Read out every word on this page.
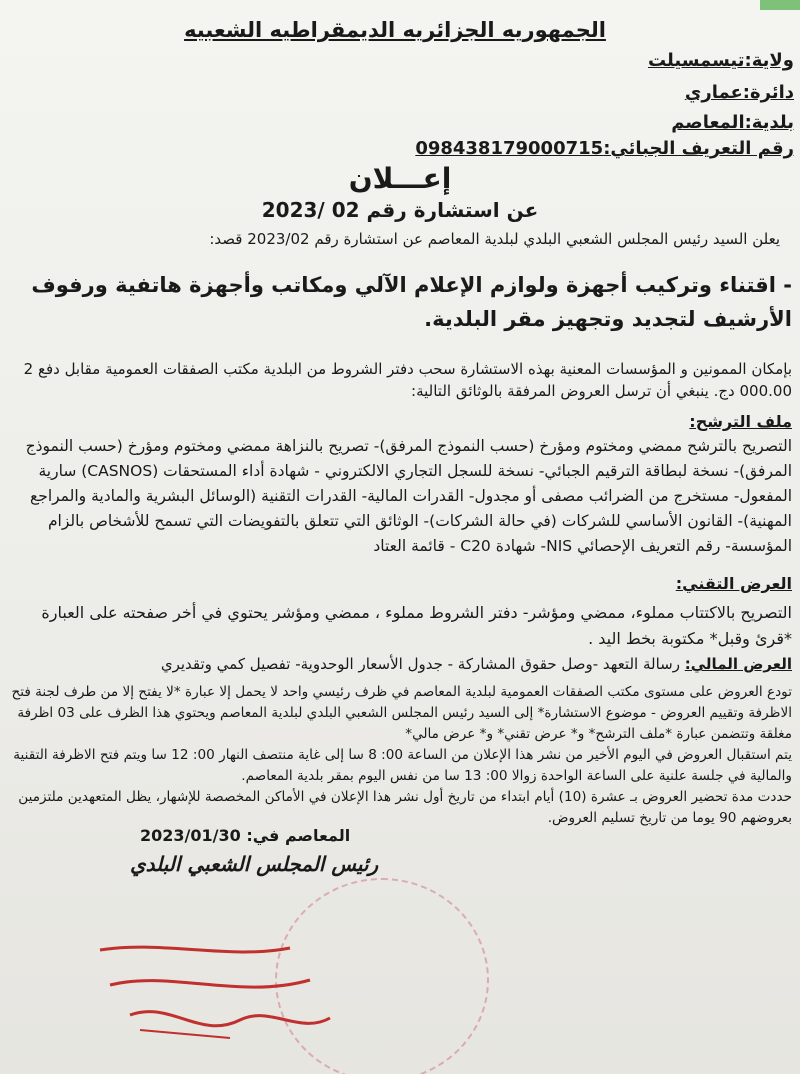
الجمهوريه الجزائريه الديمقراطيه الشعبيه
ولاية:تيسمسيلت
دائرة:عماري
بلدية:المعاصم
رقم التعريف الجبائي:09843817900071‌5
إعـــلان
عن استشارة رقم 02 /2023
يعلن السيد رئيس المجلس الشعبي البلدي لبلدية المعاصم عن استشارة رقم 2023/02 قصد:
- اقتناء وتركيب أجهزة ولوازم الإعلام الآلي ومكاتب وأجهزة هاتفية ورفوف الأرشيف لتجديد وتجهيز مقر البلدية.
بإمكان الممونين و المؤسسات المعنية بهذه الاستشارة سحب دفتر الشروط من البلدية مكتب الصفقات العمومية مقابل دفع 2 000.00 دج. ينبغي أن ترسل العروض المرفقة بالوثائق التالية:
ملف الترشح:
التصريح بالترشح ممضي ومختوم ومؤرخ (حسب النموذج المرفق)- تصريح بالنزاهة ممضي ومختوم ومؤرخ (حسب النموذج المرفق)- نسخة لبطاقة الترقيم الجبائي- نسخة للسجل التجاري الالكتروني - شهادة أداء المستحقات (CASNOS) سارية المفعول- مستخرج من الضرائب مصفى أو مجدول- القدرات المالية- القدرات التقنية (الوسائل البشرية والمادية والمراجع المهنية)- القانون الأساسي للشركات (في حالة الشركات)- الوثائق التي تتعلق بالتفويضات التي تسمح للأشخاص بالزام المؤسسة- رقم التعريف الإحصائي NIS- شهادة C20 - قائمة العتاد
العرض التقني:
التصريح بالاكتتاب مملوء، ممضي ومؤشر- دفتر الشروط مملوء ، ممضي ومؤشر يحتوي في أخر صفحته على العبارة *قرئ وقبل* مكتوبة بخط اليد .
العرض المالي: رسالة التعهد -وصل حقوق المشاركة - جدول الأسعار الوحدوية- تفصيل كمي وتقديري

تودع العروض على مستوى مكتب الصفقات العمومية لبلدية المعاصم في ظرف رئيسي واحد لا يحمل إلا عبارة *لا يفتح إلا من طرف لجنة فتح الاظرفة وتقييم العروض - موضوع الاستشارة* إلى السيد رئيس المجلس الشعبي البلدي لبلدية المعاصم ويحتوي هذا الظرف على 03 اظرفة مغلقة وتتضمن عبارة *ملف الترشح* و* عرض تقني* و* عرض مالي*

يتم استقبال العروض في اليوم الأخير من نشر هذا الإعلان من الساعة 00: 8 سا إلى غاية منتصف النهار 00: 12 سا ويتم فتح الاظرفة التقنية والمالية في جلسة علنية على الساعة الواحدة زوالا 00: 13 سا من نفس اليوم بمقر بلدية المعاصم.

حددت مدة تحضير العروض بـ عشرة (10) أيام ابتداء من تاريخ أول نشر هذا الإعلان في الأماكن المخصصة للإشهار، يظل المتعهدين ملتزمين بعروضهم 90 يوما من تاريخ تسليم العروض.

المعاصم في: 2023/01/30
رئيس المجلس الشعبي البلدي
